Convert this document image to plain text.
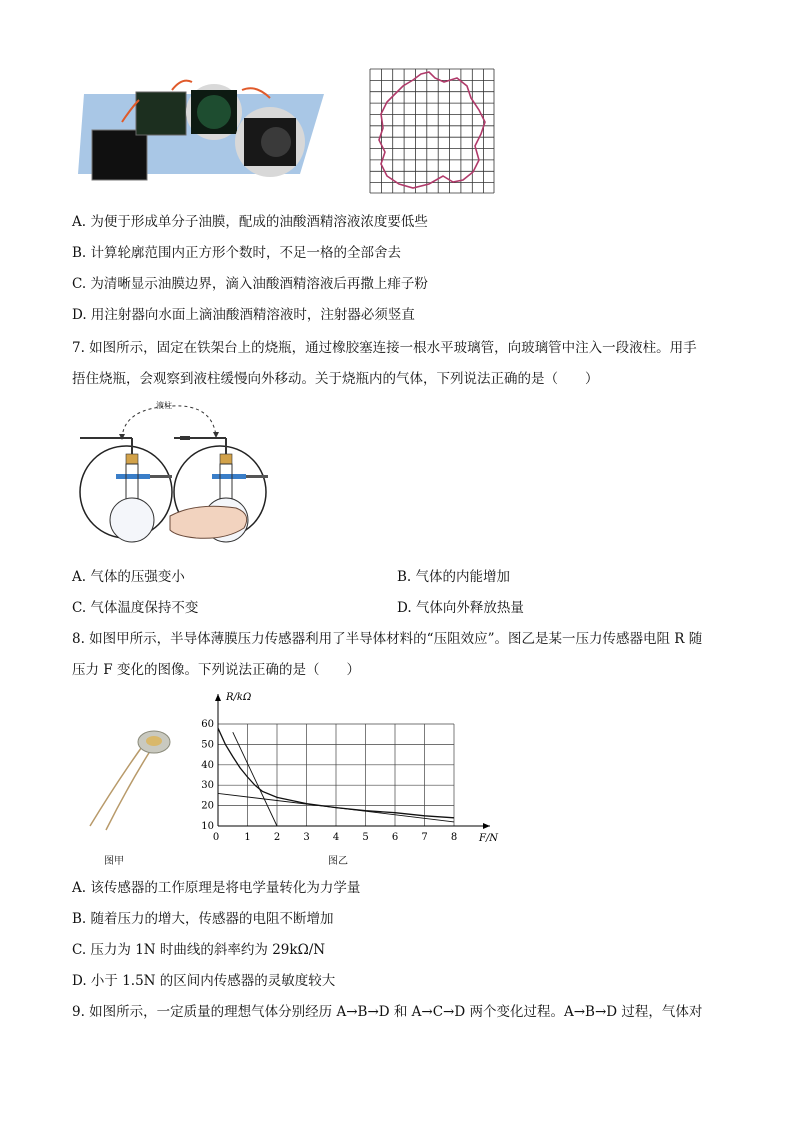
A. 为便于形成单分子油膜，配成的油酸酒精溶液浓度要低些
B. 计算轮廓范围内正方形个数时，不足一格的全部舍去
C. 为清晰显示油膜边界，滴入油酸酒精溶液后再撒上痱子粉
D. 用注射器向水面上滴油酸酒精溶液时，注射器必须竖直
7. 如图所示，固定在铁架台上的烧瓶，通过橡胶塞连接一根水平玻璃管，向玻璃管中注入一段液柱。用手
捂住烧瓶，会观察到液柱缓慢向外移动。关于烧瓶内的气体，下列说法正确的是（　　）
液柱
A. 气体的压强变小	B. 气体的内能增加
C. 气体温度保持不变	D. 气体向外释放热量
8. 如图甲所示，半导体薄膜压力传感器利用了半导体材料的“压阻效应”。图乙是某一压力传感器电阻 R 随
压力 F 变化的图像。下列说法正确的是（　　）
图甲
0	1 2 3 4 5 6 7 8
10
20
30
40
50
60
R/kΩ
F/N
图乙
A. 该传感器的工作原理是将电学量转化为力学量
B. 随着压力的增大，传感器的电阻不断增加
C. 压力为 1N 时曲线的斜率约为 29kΩ/N
D. 小于 1.5N 的区间内传感器的灵敏度较大
9. 如图所示，一定质量的理想气体分别经历 A→B→D 和 A→C→D 两个变化过程。A→B→D 过程，气体对
